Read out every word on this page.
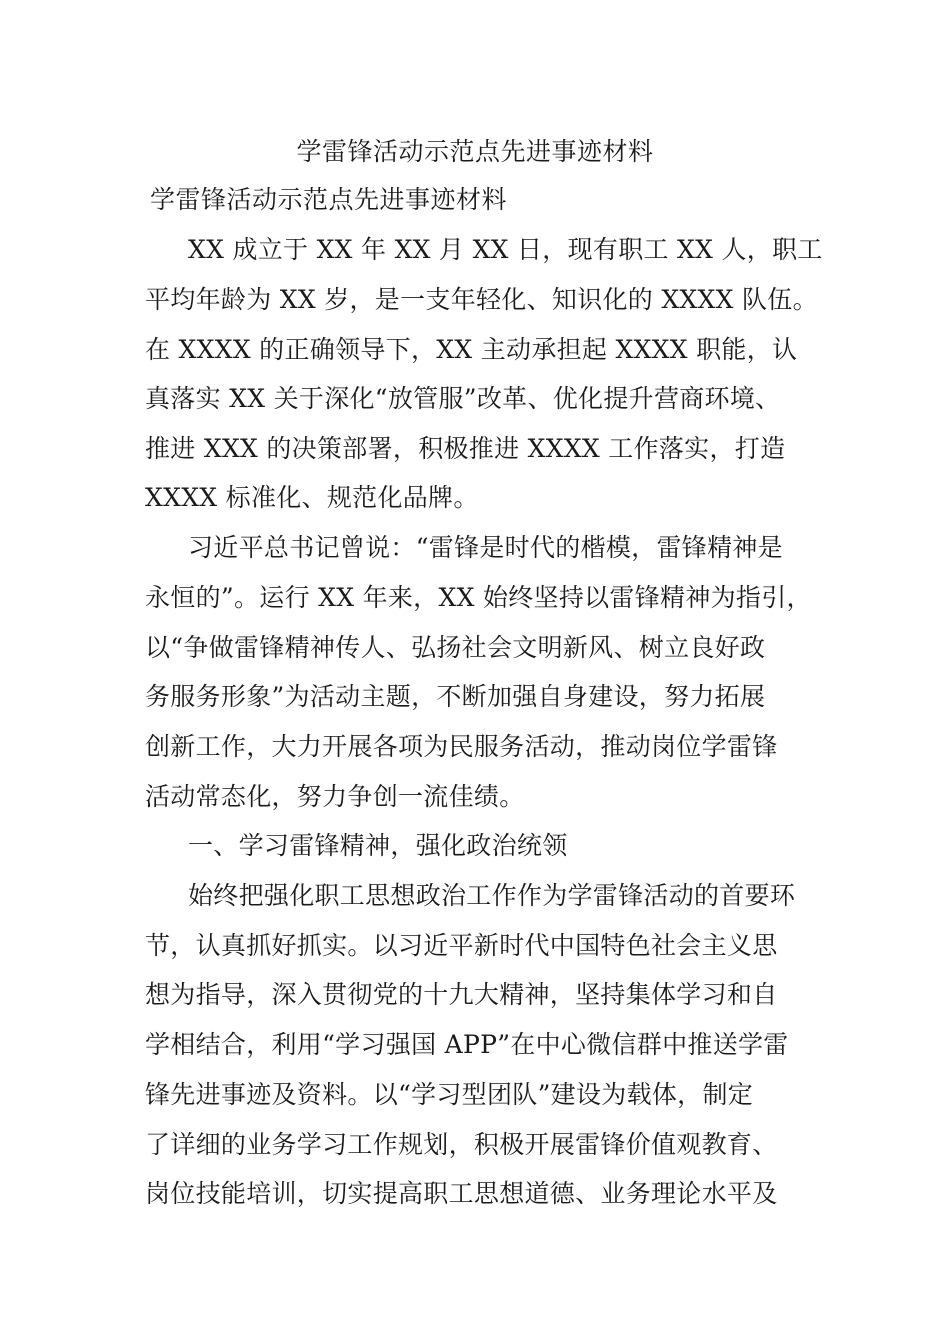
学雷锋活动示范点先进事迹材料
学雷锋活动示范点先进事迹材料
XX 成立于 XX 年 XX 月 XX 日，现有职工 XX 人，职工
平均年龄为 XX 岁，是一支年轻化、知识化的 XXXX 队伍。
在 XXXX 的正确领导下，XX 主动承担起 XXXX 职能，认
真落实 XX 关于深化“放管服”改革、优化提升营商环境、
推进 XXX 的决策部署，积极推进 XXXX 工作落实，打造
XXXX 标准化、规范化品牌。
习近平总书记曾说：“雷锋是时代的楷模，雷锋精神是
永恒的”。运行 XX 年来，XX 始终坚持以雷锋精神为指引，
以“争做雷锋精神传人、弘扬社会文明新风、树立良好政
务服务形象”为活动主题，不断加强自身建设，努力拓展
创新工作，大力开展各项为民服务活动，推动岗位学雷锋
活动常态化，努力争创一流佳绩。
一、学习雷锋精神，强化政治统领
始终把强化职工思想政治工作作为学雷锋活动的首要环
节，认真抓好抓实。以习近平新时代中国特色社会主义思
想为指导，深入贯彻党的十九大精神，坚持集体学习和自
学相结合，利用“学习强国 APP”在中心微信群中推送学雷
锋先进事迹及资料。以“学习型团队”建设为载体，制定
了详细的业务学习工作规划，积极开展雷锋价值观教育、
岗位技能培训，切实提高职工思想道德、业务理论水平及
